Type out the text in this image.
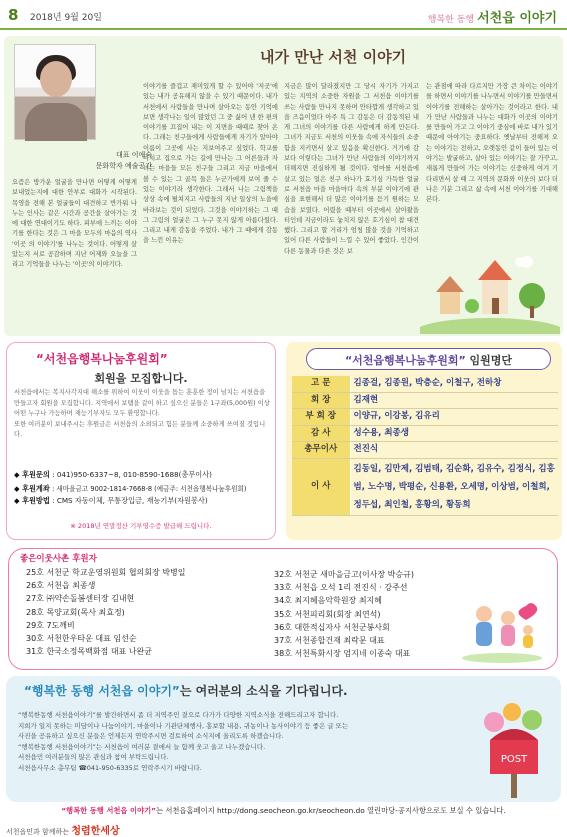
8 2018년 9월 20일	행복한 동행 서천읍 이야기
대표 이애숙
문화학자 예술공간
내가 만난 서천 이야기
요즘은 방가운 얼굴을 만나면 어떻게 어떻게 보내었는지에 대한 안부로 대화가 시작된다. 목영을 전해 본 얼굴들이 대견하고 반가워 나누는 인사는 같은 시간과 공간을 살아가는 것에 대한 연대이기도 하다. 피부에 느끼는 이야기를 한다는 것은 그 마을 모두의 마음의 역사 '이곳 의 이야기'를 나누는 것이다. 어떻게 살았는지 서로 공감하며 지난 어제와 오늘을 그리고 기억들을 나누는 '이곳'의 이야기다.
이야기를 즐겁고 재미있게 할 수 있어야 '저곳'에 있는 내가 공유해지 않을 수 있기 때문이다. 내가 서천에서 사람들을 만나며 살아오는 동안 기억에 보면 생각나는 일이 많았던 그 중 싫어 낸 한 편의 이야기를 끄집어 내는 이 지면을 때때로 찾아 온다. 그래는 친구들에게 사람들에게 자기가 알아야 이름이 그곳에 사는 지보여주고 싶었다. 학교를 마치고 집으로 가는 길에 만나는 그 어른들과 자녀는 마을들 모든 친구들 그리고 지금 마을에서 볼 수 있는 그 골목 들은 누군가에게 보여 줄 수 있는 이야기라 생각한다. 그래서 나는 그림책을 상상 속에 펼쳐지고 사람들의 지난 일상의 노을에 바라보는 것이 되었다. 그것을 이야기하는 그 때 그 그림의 얼굴은 그 누구 못지 않게 아름다웠다. 그리고 내게 감동을 주었다. 내가 그 때에게 감동을 느낀 이유는
지금은 많이 달라졌지만 그 당시 자기가 가지고 있는 지역의 소중한 자원을 그 서천읍 이야기를 쓰는 사람들 만나지 못하며 안타깝게 생각하고 있을 즈음이었다 아주 특 그 감동은 더 감동적된 내게 그녀의 이야기를 다른 사람에게 하게 만든다. 그녀가 지금도 서천의 이웃들 속에 자식들의 소중함을 지키면서 살고 있음을 확신한다. 거기에 감보다 이렇다는 그녀가 만난 사람들의 이야기까지 더해지면 진실하게 될 것이다. 엄마를 서천읍에 살고 있는 얼은 친구 하나가 효기심 가득한 얼굴로 서천읍 마을 마을마다 속의 부분 이야기에 관심을 표현해서 더 많은 이야기를 듣기 원하는 모습을 보였다. 어렸을 때부터 이곳에서 살아왔을 터인데 지금이라도 놓치지 않은 호기심이 참 대견했다. 그리고 할 거리가 엄청 많을 것을 기억하고 있어 다른 사람들이 느낄 수 있어 좋았다. 인간이 다른 동물과 다른 것은 보
는 관점에 따라 다르지만 가장 큰 차이는 이야기를 하면서 이야기를 나누면서 이야기를 만들면서 이야기를 전해하는 살아가는 것이라고 한다. 내가 만난 사람들과 나누는 대화가 이곳의 이야기를 만들어 가고 그 이야기 중심에 바로 내가 있기 때문에 아야기는 중요하다. 옛날부터 전해져 오는 이야기는 전하고, 오랫동안 같이 들어 있는 이야기는 발굴하고, 살아 있는 이야기는 잘 가꾸고, 새롭게 만들어 가는 이야기는 신중하게 여겨 기다리면서 살 때 그 지역의 문화와 이웃의 보다 더 나은 기분 그리고 삶 속에 서천 이야기를 기대해 본다.
“서천읍행복나눔후원회”
회원을 모집합니다.
서천읍에서는 복지사각지대 해소를 위하여 이웃이 이웃을 돕는 훈훈한 정이 넘치는 서천읍을 만들고자 회원을 모집합니다. 지역에서 보탬을 같이 하고 싶으신 분들은 1구좌(5,000원) 이상 어떤 누구나 가능하며 재능기부자도 모두 환영합니다.
또한 여러분이 보내주시는 후원금은 서천읍의 소외되고 힘든 분들께 소중하게 쓰여질 것입니다.
◆ 후원문의 : 041)950-6337~8, 010-8590-1688(총무이사)
◆ 후원계좌 : 새마을금고 9002-1814-7668-8 (예금주: 서천읍행복나눔후원회)
◆ 후원방법 : CMS 자동이체, 무통장입금, 재능기부(자원봉사)
※ 2018년 연말정산 기부영수증 발급해 드립니다.
“서천읍행복나눔후원회” 임원명단
고 문	김종걸, 김종원, 박층순, 이철구, 전하창
회 장	김재현
부 회 장	이양규, 이강봉, 김유리
감 사	성수용, 최종생
총무이사	전진식
이 사	김동일, 김만제, 김범태, 김순화, 김유수, 김정식, 김홍범, 노수명, 박평순, 신용환, 오세명, 이상범, 이철희, 정두섭, 최인철, 홍황의, 황동희
좋은이웃사촌 후원자
25호 서천군 학교운영위원회 협의회장 박병일
26호 서천읍 최종생
27호 ㈜약손돌봄센터장 김내현
28호 목양교회(목사 최효정)
29호 7도깨비
30호 서천한우타운 대표 임선순
31호 한국소정목백화점 대표 나완균
32호 서천군 새마을금고(이사장 박승규)
33호 서천읍 오석 1리 전진식 · 강주선
34호 최지혜음악학원장 최지혜
35호 서천피리회(회장 최연석)
36호 대한적십자사 서천군봉사회
37호 서천종합건재 최락문 대표
38호 서천특화시장 엄지네 이종숙 대표
“행복한 동행 서천읍 이야기”는 여러분의 소식을 기다립니다.
“행복한동행 서천읍이야기”를 발간하면서 좀 더 지역주민 곁으로 다가가 다양한 지역소식을 전해드리고자 합니다.
지희가 일지 못하는 미담이나 나눔이야기, 마을이나 기관단체행사, 홍보할 내용, 귀농이나 농사이야기 등 좋은 글 또는
사진을 공유하고 싶으신 분들은 언제든지 연락주시면 검토하여 소식지에 올리도록 하겠습니다.
“행복한동행 서천읍이야기”는 서천읍이 여러분 곁에서 늘 함께 웃고 울고 나누겠습니다.
서천읍민 여러분들의 많은 관심과 참여 부탁드립니다.
서천읍사무소 총무팀 ☎041-950-6335로 연락주시기 바랍니다.
POST
“행복한 동행 서천읍 이야기”는 서천읍홈페이지 http://dong.seocheon.go.kr/seocheon.do 열린마당-공지사항으로도 보실 수 있습니다.
서천읍민과 함께하는 청렴한세상
